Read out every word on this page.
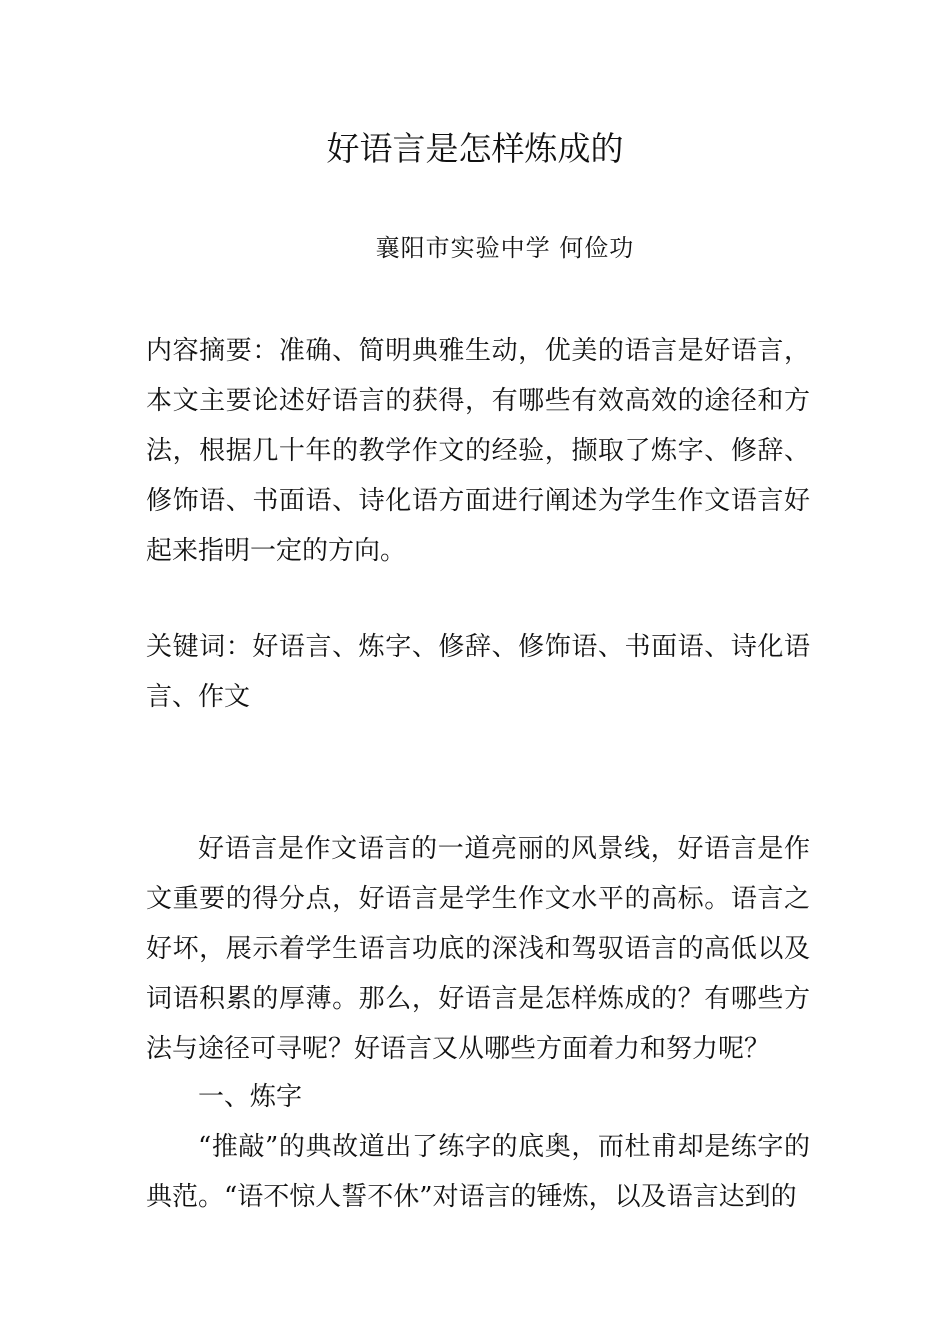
好语言是怎样炼成的
襄阳市实验中学 何俭功

内容摘要：准确、简明典雅生动，优美的语言是好语言，本文主要论述好语言的获得，有哪些有效高效的途径和方法，根据几十年的教学作文的经验，撷取了炼字、修辞、修饰语、书面语、诗化语方面进行阐述为学生作文语言好起来指明一定的方向。

关键词：好语言、炼字、修辞、修饰语、书面语、诗化语言、作文

好语言是作文语言的一道亮丽的风景线，好语言是作文重要的得分点，好语言是学生作文水平的高标。语言之好坏，展示着学生语言功底的深浅和驾驭语言的高低以及词语积累的厚薄。那么，好语言是怎样炼成的？有哪些方法与途径可寻呢？好语言又从哪些方面着力和努力呢？

一、炼字

“推敲”的典故道出了练字的底奥，而杜甫却是练字的典范。“语不惊人誓不休”对语言的锤炼，以及语言达到的
